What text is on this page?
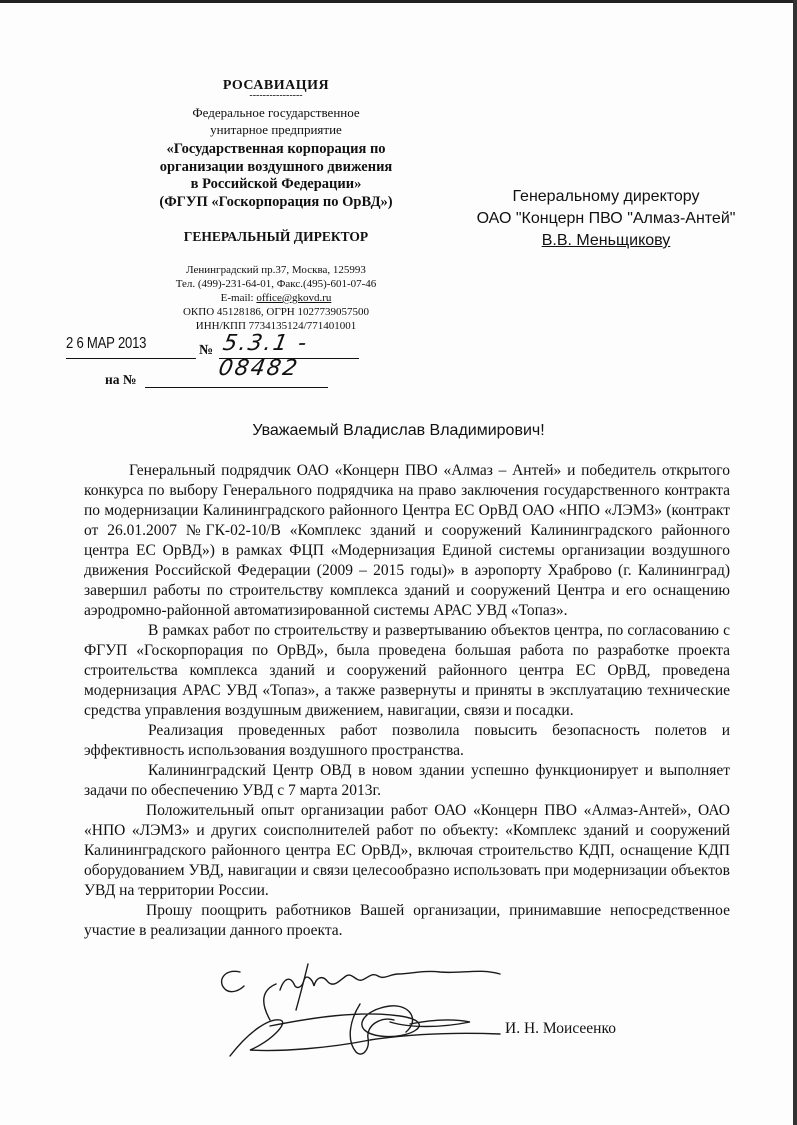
РОСАВИАЦИЯ
----------------
Федеральное государственное
унитарное предприятие
«Государственная корпорация по
организации воздушного движения
в Российской Федерации»
(ФГУП «Госкорпорация по ОрВД»)
ГЕНЕРАЛЬНЫЙ ДИРЕКТОР
Ленинградский пр.37, Москва, 125993
Тел. (499)-231-64-01, Факс.(495)-601-07-46
E-mail: office@gkovd.ru
ОКПО 45128186, ОГРН 1027739057500
ИНН/КПП 7734135124/771401001
2 6 МАР 2013	№ 5.3.1 - 08482
на №
Генеральному директору
ОАО "Концерн ПВО "Алмаз-Антей"
В.В. Меньщикову
Уважаемый Владислав Владимирович!

Генеральный подрядчик ОАО «Концерн ПВО «Алмаз – Антей» и победитель открытого конкурса по выбору Генерального подрядчика на право заключения государственного контракта по модернизации Калининградского районного Центра ЕС ОрВД ОАО «НПО «ЛЭМЗ» (контракт от 26.01.2007 №ГК-02-10/В «Комплекс зданий и сооружений Калининградского районного центра ЕС ОрВД») в рамках ФЦП «Модернизация Единой системы организации воздушного движения Российской Федерации (2009 – 2015 годы)» в аэропорту Храброво (г. Калининград) завершил работы по строительству комплекса зданий и сооружений Центра и его оснащению аэродромно-районной автоматизированной системы АРАС УВД «Топаз».

В рамках работ по строительству и развертыванию объектов центра, по согласованию с ФГУП «Госкорпорация по ОрВД», была проведена большая работа по разработке проекта строительства комплекса зданий и сооружений районного центра ЕС ОрВД, проведена модернизация АРАС УВД «Топаз», а также развернуты и приняты в эксплуатацию технические средства управления воздушным движением, навигации, связи и посадки.

Реализация проведенных работ позволила повысить безопасность полетов и эффективность использования воздушного пространства.

Калининградский Центр ОВД в новом здании успешно функционирует и выполняет задачи по обеспечению УВД с 7 марта 2013г.

Положительный опыт организации работ ОАО «Концерн ПВО «Алмаз-Антей», ОАО «НПО «ЛЭМЗ» и других соисполнителей работ по объекту: «Комплекс зданий и сооружений Калининградского районного центра ЕС ОрВД», включая строительство КДП, оснащение КДП оборудованием УВД, навигации и связи целесообразно использовать при модернизации объектов УВД на территории России.

Прошу поощрить работников Вашей организации, принимавшие непосредственное участие в реализации данного проекта.

И. Н. Моисеенко
